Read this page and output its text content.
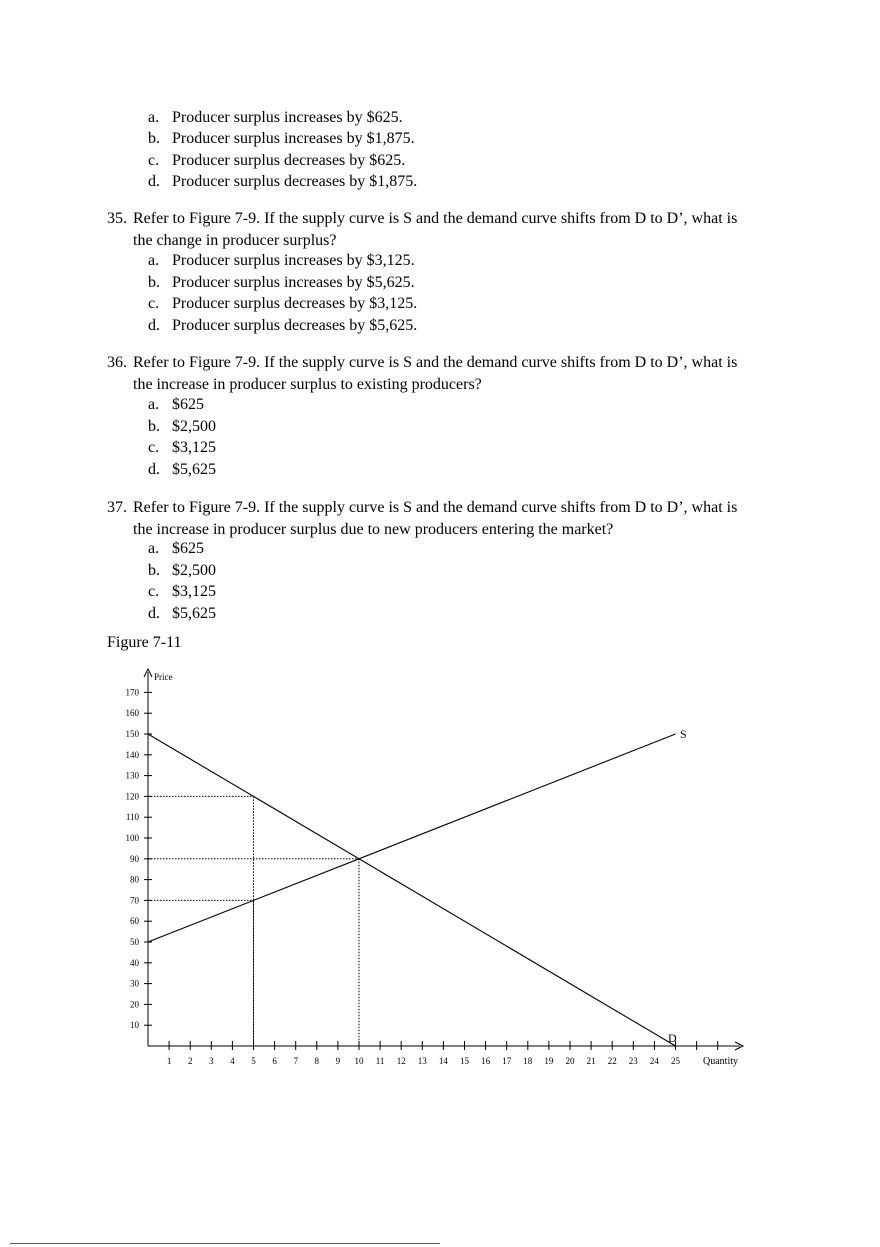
a. Producer surplus increases by $625.
b. Producer surplus increases by $1,875.
c. Producer surplus decreases by $625.
d. Producer surplus decreases by $1,875.
35. Refer to Figure 7-9. If the supply curve is S and the demand curve shifts from D to D’, what is
the change in producer surplus?
a. Producer surplus increases by $3,125.
b. Producer surplus increases by $5,625.
c. Producer surplus decreases by $3,125.
d. Producer surplus decreases by $5,625.
36. Refer to Figure 7-9. If the supply curve is S and the demand curve shifts from D to D’, what is
the increase in producer surplus to existing producers?
a. $625
b. $2,500
c. $3,125
d. $5,625
37. Refer to Figure 7-9. If the supply curve is S and the demand curve shifts from D to D’, what is
the increase in producer surplus due to new producers entering the market?
a. $625
b. $2,500
c. $3,125
d. $5,625
Figure 7-11
10
20
30
40
50
60
70
80
90
100
110
120
130
140
150
160
170
1 2 3 4 5 6 7 8 9 10 11 12 13 14 15 16 17 18 19 20 21 22 23 24 25
Price
Quantity
S
D
